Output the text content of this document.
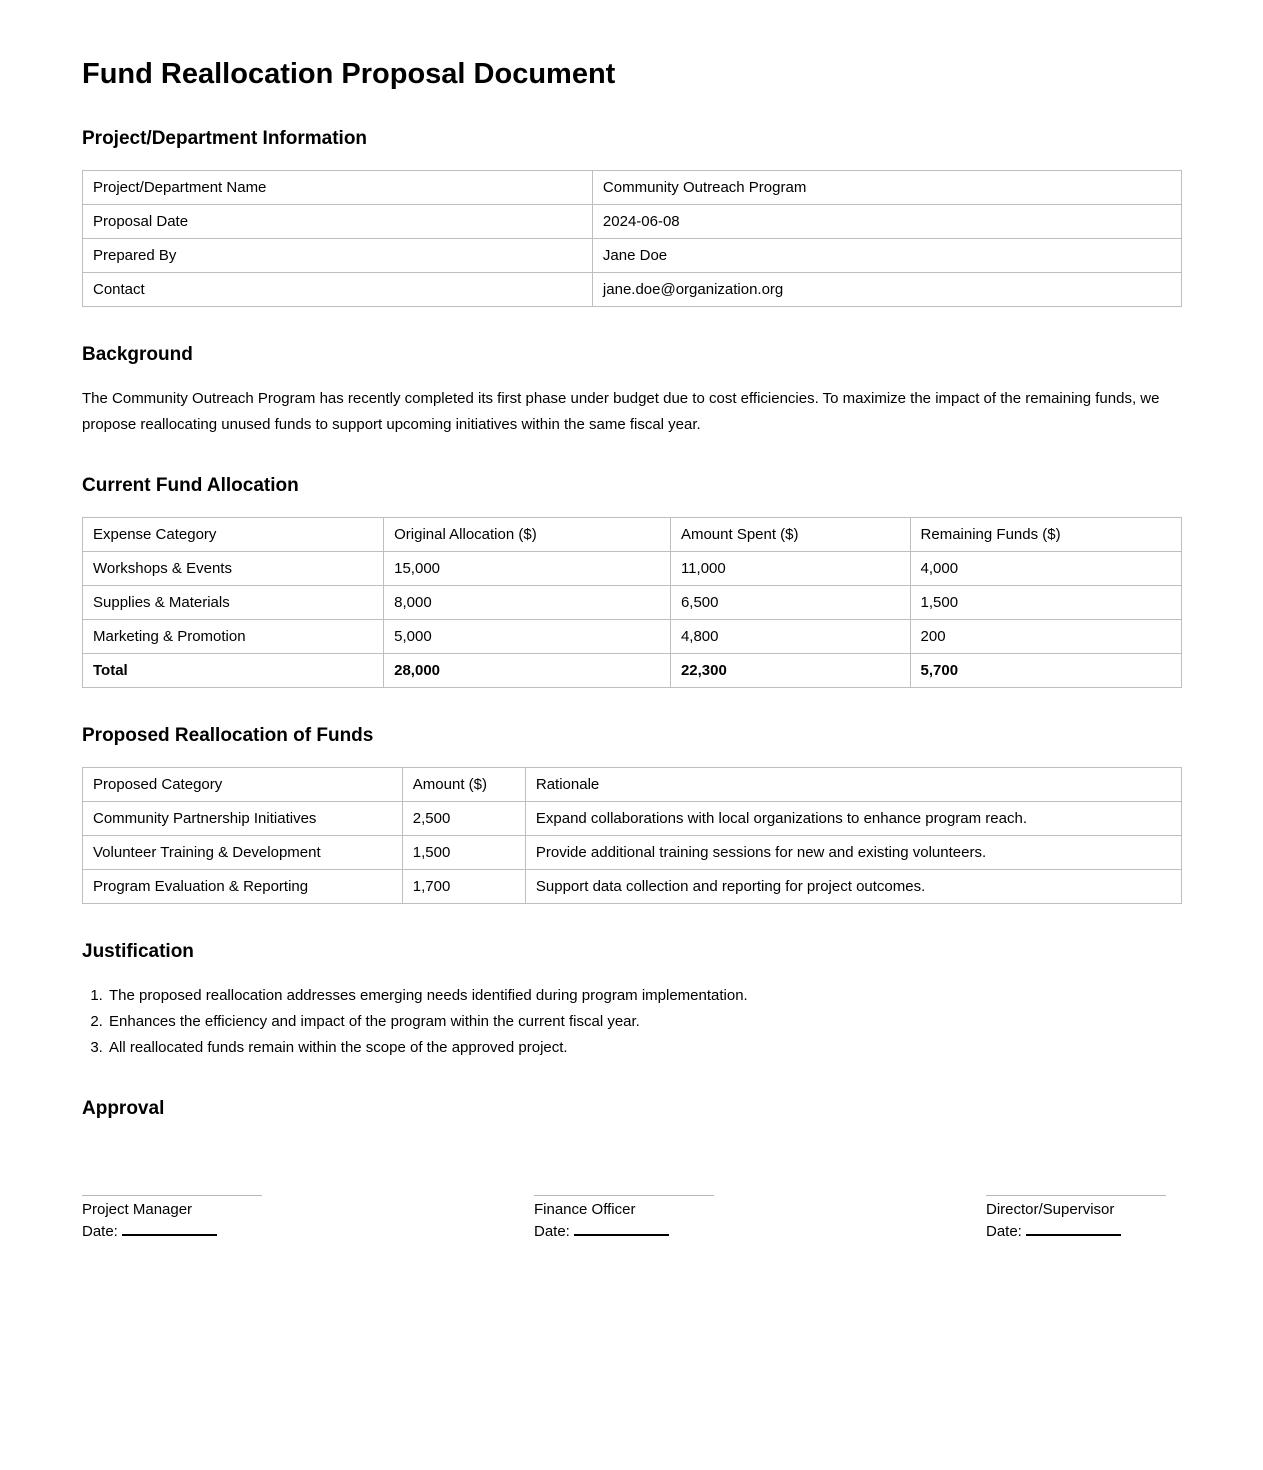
Fund Reallocation Proposal Document
Project/Department Information
Project/Department Name	Community Outreach Program
Proposal Date	2024-06-08
Prepared By	Jane Doe
Contact	jane.doe@organization.org
Background

The Community Outreach Program has recently completed its first phase under budget due to cost efficiencies. To maximize the impact of the remaining funds, we propose reallocating unused funds to support upcoming initiatives within the same fiscal year.

Current Fund Allocation
Expense Category	Original Allocation ($)	Amount Spent ($)	Remaining Funds ($)
Workshops & Events	15,000	11,000	4,000
Supplies & Materials	8,000	6,500	1,500
Marketing & Promotion	5,000	4,800	200
Total	28,000	22,300	5,700
Proposed Reallocation of Funds
Proposed Category	Amount ($)	Rationale
Community Partnership Initiatives	2,500	Expand collaborations with local organizations to enhance program reach.
Volunteer Training & Development	1,500	Provide additional training sessions for new and existing volunteers.
Program Evaluation & Reporting	1,700	Support data collection and reporting for project outcomes.
Justification
1. The proposed reallocation addresses emerging needs identified during program implementation.
2. Enhances the efficiency and impact of the program within the current fiscal year.
3. All reallocated funds remain within the scope of the approved project.
Approval
Project Manager
Date:
Finance Officer
Date:
Director/Supervisor
Date:
